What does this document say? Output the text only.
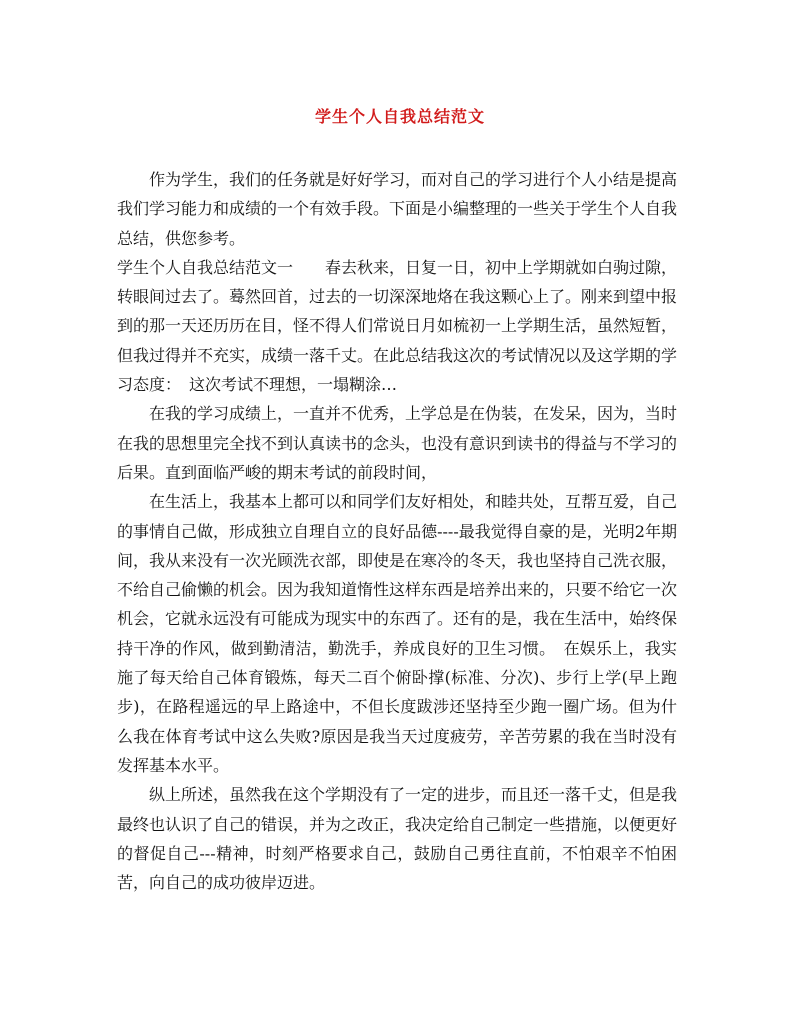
学生个人自我总结范文

作为学生，我们的任务就是好好学习，而对自己的学习进行个人小结是提高我们学习能力和成绩的一个有效手段。下面是小编整理的一些关于学生个人自我总结，供您参考。

学生个人自我总结范文一　　春去秋来，日复一日，初中上学期就如白驹过隙，转眼间过去了。蓦然回首，过去的一切深深地烙在我这颗心上了。刚来到望中报到的那一天还历历在目，怪不得人们常说日月如梳初一上学期生活，虽然短暂，但我过得并不充实，成绩一落千丈。在此总结我这次的考试情况以及这学期的学习态度：　这次考试不理想，一塌糊涂…

在我的学习成绩上，一直并不优秀，上学总是在伪装，在发呆，因为，当时在我的思想里完全找不到认真读书的念头，也没有意识到读书的得益与不学习的后果。直到面临严峻的期末考试的前段时间，

在生活上，我基本上都可以和同学们友好相处，和睦共处，互帮互爱，自己的事情自己做，形成独立自理自立的良好品德----最我觉得自豪的是，光明2年期间，我从来没有一次光顾洗衣部，即使是在寒冷的冬天，我也坚持自己洗衣服，不给自己偷懒的机会。因为我知道惰性这样东西是培养出来的，只要不给它一次机会，它就永远没有可能成为现实中的东西了。还有的是，我在生活中，始终保持干净的作风，做到勤清洁，勤洗手，养成良好的卫生习惯。　在娱乐上，我实施了每天给自己体育锻炼，每天二百个俯卧撑(标准、分次)、步行上学(早上跑步)，在路程遥远的早上路途中，不但长度跋涉还坚持至少跑一圈广场。但为什么我在体育考试中这么失败?原因是我当天过度疲劳，辛苦劳累的我在当时没有发挥基本水平。

纵上所述，虽然我在这个学期没有了一定的进步，而且还一落千丈，但是我最终也认识了自己的错误，并为之改正，我决定给自己制定一些措施，以便更好的督促自己---精神，时刻严格要求自己，鼓励自己勇往直前，不怕艰辛不怕困苦，向自己的成功彼岸迈进。
